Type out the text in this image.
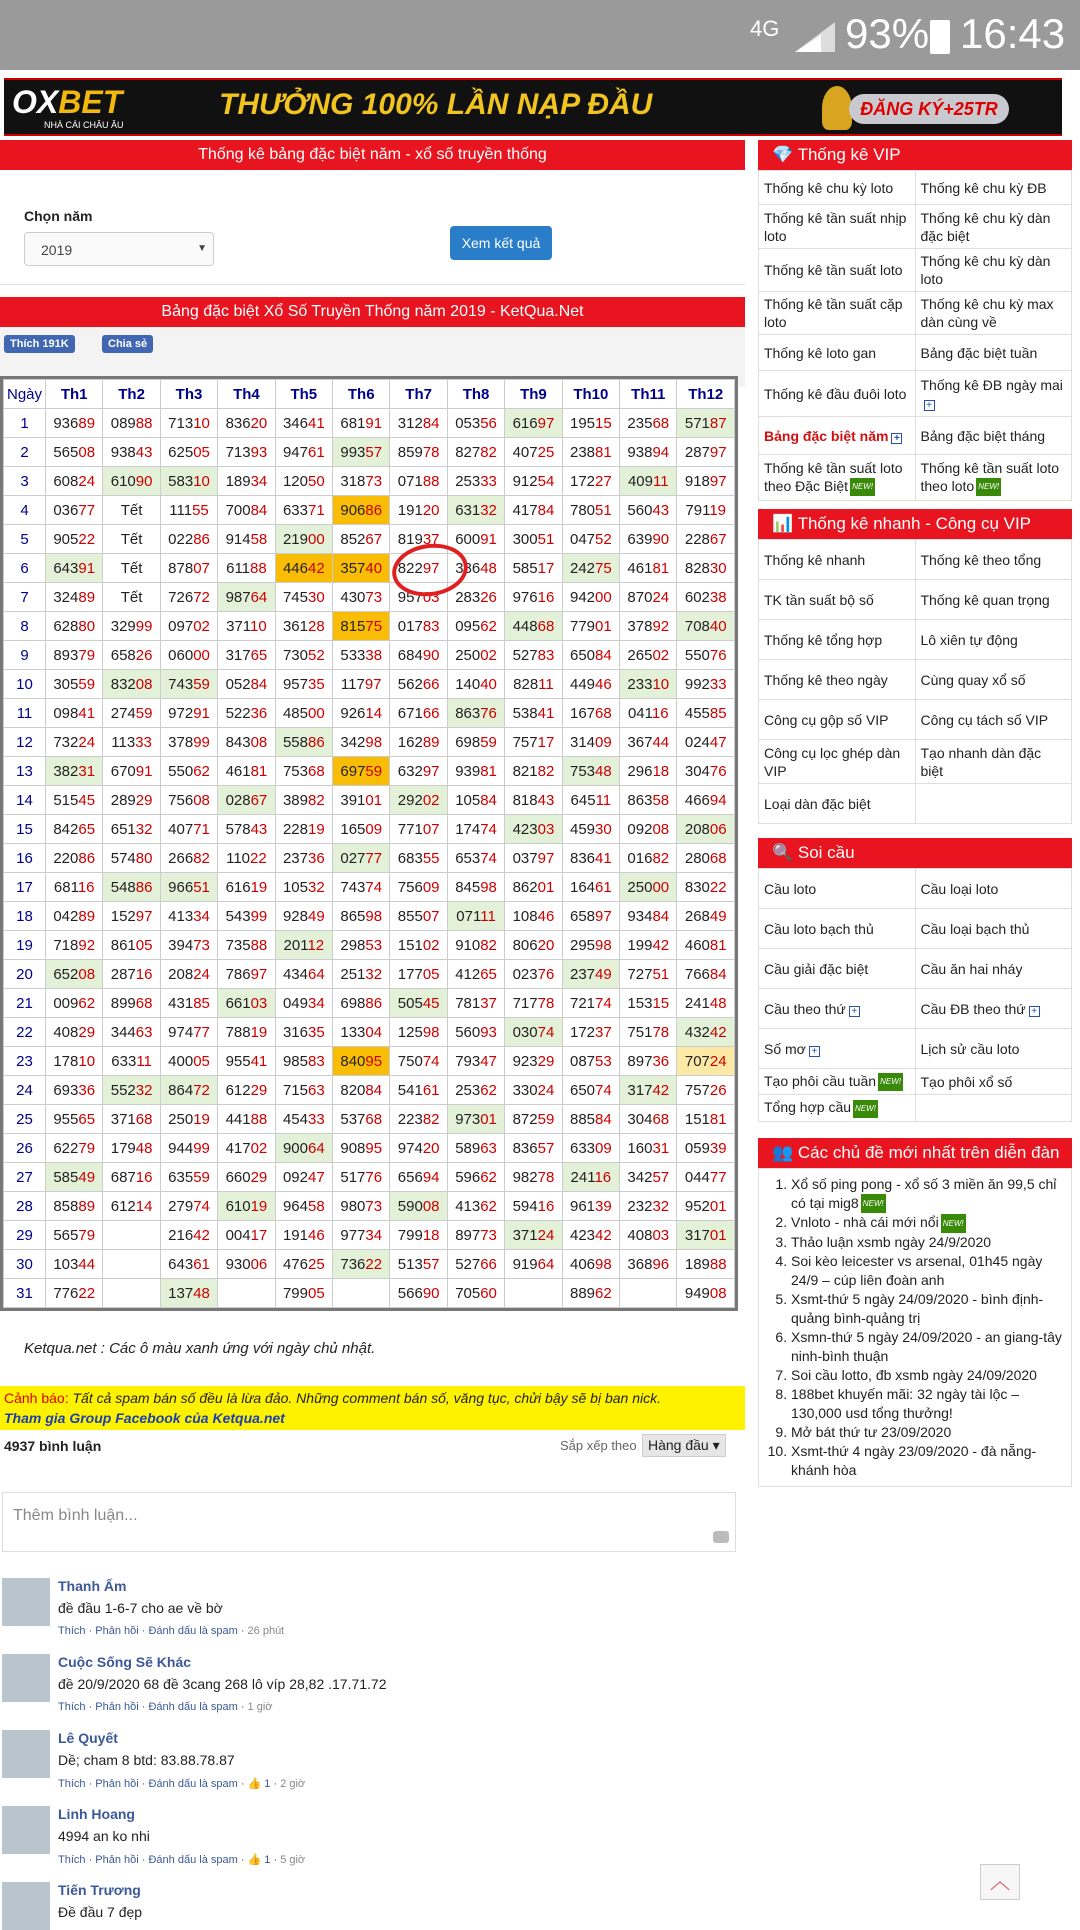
4G 93% 16:43
OXBET
NHÀ CÁI CHÂU ÂU
THƯỞNG 100% LẦN NẠP ĐẦU	ĐĂNG KÝ+25TR
Thống kê bảng đặc biệt năm - xổ số truyền thống
Chọn năm
2019	▼	Xem kết quả
Bảng đặc biệt Xổ Số Truyền Thống năm 2019 - KetQua.Net
Thích 191K	Chia sẻ
Ngày	Th1	Th2	Th3	Th4	Th5	Th6	Th7	Th8	Th9	Th10	Th11	Th12
1	93689	08988	71310	83620	34641	68191	31284	05356	61697	19515	23568	57187
2	56508	93843	62505	71393	94761	99357	85978	82782	40725	23881	93894	28797
3	60824	61090	58310	18934	12050	31873	07188	25333	91254	17227	40911	91897
4	03677	Tết	11155	70084	63371	90686	19120	63132	41784	78051	56043	79119
5	90522	Tết	02286	91458	21900	85267	81937	60091	30051	04752	63990	22867
6	64391	Tết	87807	61188	44642	35740	82297	38648	58517	24275	46181	82830
7	32489	Tết	72672	98764	74530	43073	95703	28326	97616	94200	87024	60238
8	62880	32999	09702	37110	36128	81575	01783	09562	44868	77901	37892	70840
9	89379	65826	06000	31765	73052	53338	68490	25002	52783	65084	26502	55076
10	30559	83208	74359	05284	95735	11797	56266	14040	82811	44946	23310	99233
11	09841	27459	97291	52236	48500	92614	67166	86376	53841	16768	04116	45585
12	73224	11333	37899	84308	55886	34298	16289	69859	75717	31409	36744	02447
13	38231	67091	55062	46181	75368	69759	63297	93981	82182	75348	29618	30476
14	51545	28929	75608	02867	38982	39101	29202	10584	81843	64511	86358	46694
15	84265	65132	40771	57843	22819	16509	77107	17474	42303	45930	09208	20806
16	22086	57480	26682	11022	23736	02777	68355	65374	03797	83641	01682	28068
17	68116	54886	96651	61619	10532	74374	75609	84598	86201	16461	25000	83022
18	04289	15297	41334	54399	92849	86598	85507	07111	10846	65897	93484	26849
19	71892	86105	39473	73588	20112	29853	15102	91082	80620	29598	19942	46081
20	65208	28716	20824	78697	43464	25132	17705	41265	02376	23749	72751	76684
21	00962	89968	43185	66103	04934	69886	50545	78137	71778	72174	15315	24148
22	40829	34463	97477	78819	31635	13304	12598	56093	03074	17237	75178	43242
23	17810	63311	40005	95541	98583	84095	75074	79347	92329	08753	89736	70724
24	69336	55232	86472	61229	71563	82084	54161	25362	33024	65074	31742	75726
25	95565	37168	25019	44188	45433	53768	22382	97301	87259	88584	30468	15181
26	62279	17948	94499	41702	90064	90895	97420	58963	83657	63309	16031	05939
27	58549	68716	63559	66029	09247	51776	65694	59662	98278	24116	34257	04477
28	85889	61214	27974	61019	96458	98073	59008	41362	59416	96139	23232	95201
29	56579		21642	00417	19146	97734	79918	89773	37124	42342	40803	31701
30	10344		64361	93006	47625	73622	51357	52766	91964	40698	36896	18988
31	77622		13748		79905		56690	70560		88962		94908
Ketqua.net : Các ô màu xanh ứng với ngày chủ nhật.
Cảnh báo: Tất cả spam bán số đều là lừa đảo. Những comment bán số, văng tục, chửi bậy sẽ bị ban nick.
Tham gia Group Facebook của Ketqua.net
4937 bình luận	Sắp xếp theo Hàng đầu ▾
Thêm bình luận...
Thanh Ấm
đề đầu 1-6-7 cho ae về bờ
Thích · Phản hồi · Đánh dấu là spam · 26 phút
Cuộc Sống Sẽ Khác
đề 20/9/2020 68 đề 3cang 268 lô víp 28,82 .17.71.72
Thích · Phản hồi · Đánh dấu là spam · 1 giờ
Lê Quyết
Dề; cham 8 btd: 83.88.78.87
Thích · Phản hồi · Đánh dấu là spam · 👍 1 · 2 giờ
Linh Hoang
4994 an ko nhi
Thích · Phản hồi · Đánh dấu là spam · 👍 1 · 5 giờ
Tiến Trương
Đề đầu 7 đẹp
💎 Thống kê VIP
Thống kê chu kỳ loto	Thống kê chu kỳ ĐB
Thống kê tần suất nhịp loto	Thống kê chu kỳ dàn đặc biệt
Thống kê tần suất loto	Thống kê chu kỳ dàn loto
Thống kê tần suất cặp loto	Thống kê chu kỳ max dàn cùng về
Thống kê loto gan	Bảng đặc biệt tuần
Thống kê đầu đuôi loto	Thống kê ĐB ngày mai+
Bảng đặc biệt năm +	Bảng đặc biệt tháng
Thống kê tần suất loto theo Đặc Biệt NEW!	Thống kê tần suất loto theo loto NEW!
📊 Thống kê nhanh - Công cụ VIP
Thống kê nhanh	Thống kê theo tổng
TK tần suất bộ số	Thống kê quan trọng
Thống kê tổng hợp	Lô xiên tự động
Thống kê theo ngày	Cùng quay xổ số
Công cụ gộp số VIP	Công cụ tách số VIP
Công cụ lọc ghép dàn VIP	Tạo nhanh dàn đặc biệt
Loại dàn đặc biệt	
🔍 Soi cầu
Cầu loto	Cầu loại loto
Cầu loto bạch thủ	Cầu loại bạch thủ
Cầu giải đặc biệt	Cầu ăn hai nháy
Cầu theo thứ +	Cầu ĐB theo thứ +
Số mơ +	Lịch sử cầu loto
Tạo phôi cầu tuần NEW!	Tạo phôi xổ số
Tổng hợp cầu NEW!	
👥 Các chủ đề mới nhất trên diễn đàn
1. Xổ số ping pong - xổ số 3 miền ăn 99,5 chỉ có tại mig8 NEW!
2. Vnloto - nhà cái mới nổi NEW!
3. Thảo luận xsmb ngày 24/9/2020
4. Soi kèo leicester vs arsenal, 01h45 ngày 24/9 – cúp liên đoàn anh
5. Xsmt-thứ 5 ngày 24/09/2020 - bình định-quảng bình-quảng trị
6. Xsmn-thứ 5 ngày 24/09/2020 - an giang-tây ninh-bình thuận
7. Soi cầu lotto, đb xsmb ngày 24/09/2020
8. 188bet khuyến mãi: 32 ngày tài lộc – 130,000 usd tổng thưởng!
9. Mở bát thứ tư 23/09/2020
10. Xsmt-thứ 4 ngày 23/09/2020 - đà nẵng-khánh hòa
︿
